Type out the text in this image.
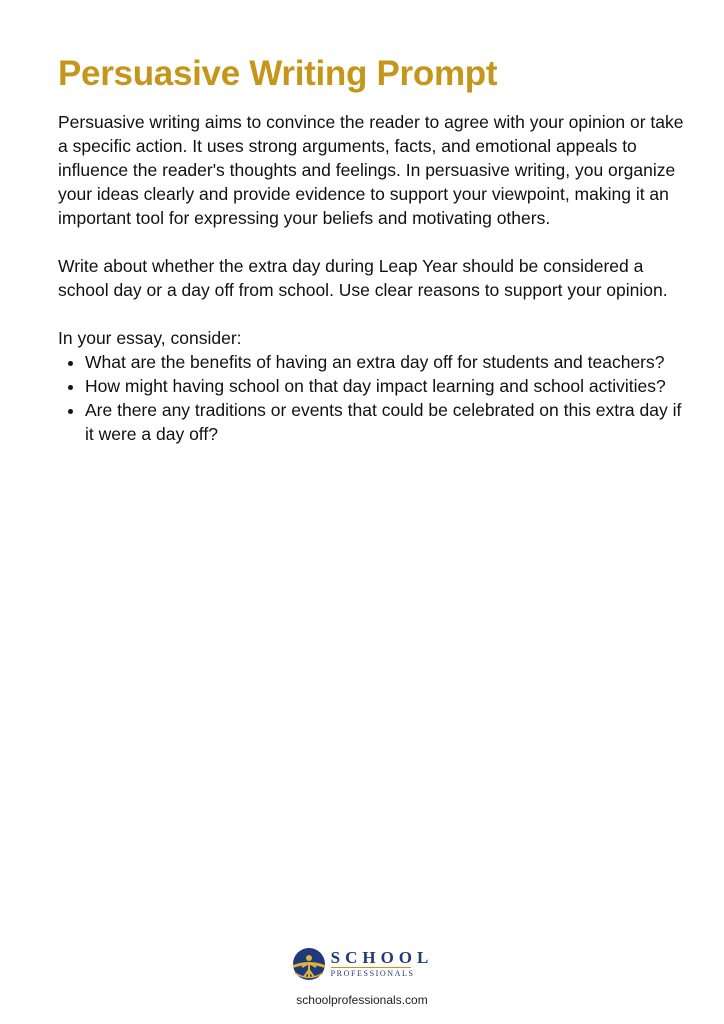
Persuasive Writing Prompt

Persuasive writing aims to convince the reader to agree with your opinion or take a specific action. It uses strong arguments, facts, and emotional appeals to influence the reader's thoughts and feelings. In persuasive writing, you organize your ideas clearly and provide evidence to support your viewpoint, making it an important tool for expressing your beliefs and motivating others.

Write about whether the extra day during Leap Year should be considered a school day or a day off from school. Use clear reasons to support your opinion.

In your essay, consider:

• What are the benefits of having an extra day off for students and teachers?
• How might having school on that day impact learning and school activities?
• Are there any traditions or events that could be celebrated on this extra day if it were a day off?
SCHOOL
PROFESSIONALS
schoolprofessionals.com
